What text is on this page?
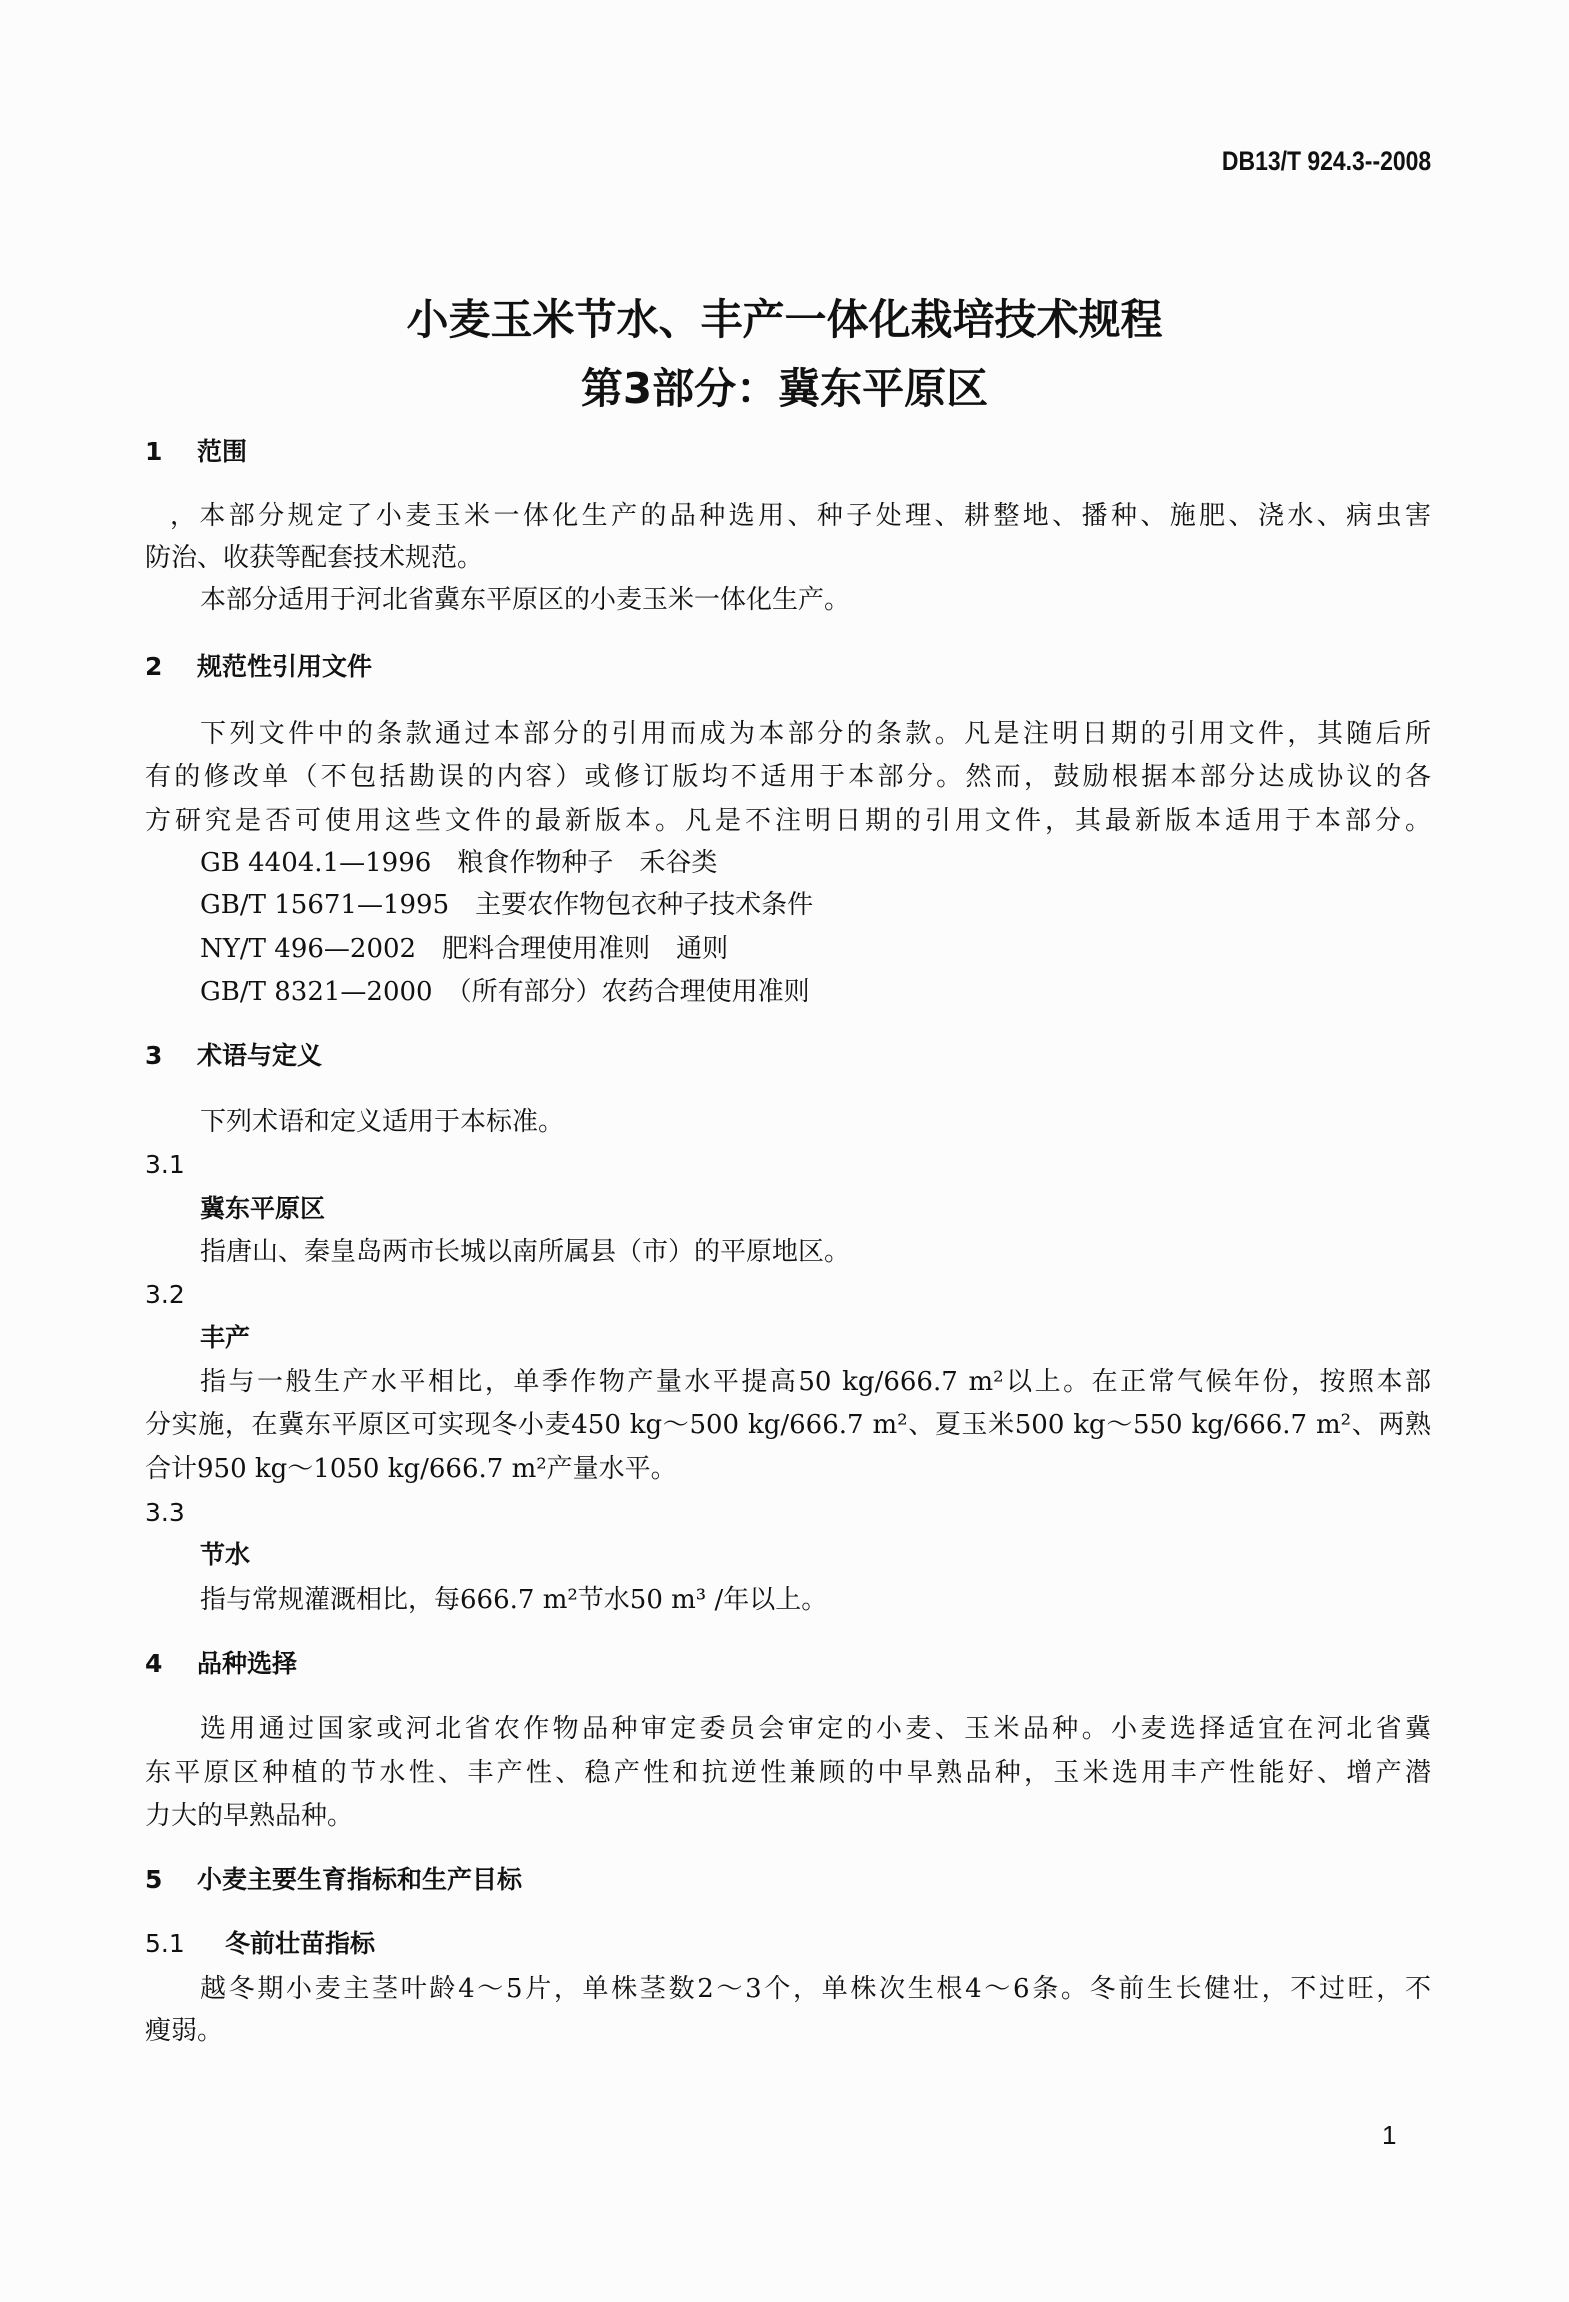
DB13/T 924.3--2008
小麦玉米节水、丰产一体化栽培技术规程
第3部分：冀东平原区
1 范围
，本部分规定了小麦玉米一体化生产的品种选用、种子处理、耕整地、播种、施肥、浇水、病虫害
防治、收获等配套技术规范。
本部分适用于河北省冀东平原区的小麦玉米一体化生产。
2 规范性引用文件
下列文件中的条款通过本部分的引用而成为本部分的条款。凡是注明日期的引用文件，其随后所
有的修改单（不包括勘误的内容）或修订版均不适用于本部分。然而，鼓励根据本部分达成协议的各
方研究是否可使用这些文件的最新版本。凡是不注明日期的引用文件，其最新版本适用于本部分。
GB 4404.1—1996　 粮食作物种子　禾谷类
GB/T 15671—1995　 主要农作物包衣种子技术条件
NY/T 496—2002　 肥料合理使用准则　通则
GB/T 8321—2000　 （所有部分）农药合理使用准则
3 术语与定义
下列术语和定义适用于本标准。
3.1
冀东平原区
指唐山、秦皇岛两市长城以南所属县（市）的平原地区。
3.2
丰产
指与一般生产水平相比，单季作物产量水平提高50 kg/666.7 m²以上。在正常气候年份，按照本部
分实施，在冀东平原区可实现冬小麦450 kg～500 kg/666.7 m²、夏玉米500 kg～550 kg/666.7 m²、两熟
合计950 kg～1050 kg/666.7 m²产量水平。
3.3
节水
指与常规灌溉相比，每666.7 m²节水50 m³ /年以上。
4 品种选择
选用通过国家或河北省农作物品种审定委员会审定的小麦、玉米品种。小麦选择适宜在河北省冀
东平原区种植的节水性、丰产性、稳产性和抗逆性兼顾的中早熟品种，玉米选用丰产性能好、增产潜
力大的早熟品种。
5 小麦主要生育指标和生产目标
5.1 冬前壮苗指标
越冬期小麦主茎叶龄4～5片，单株茎数2～3个，单株次生根4～6条。冬前生长健壮，不过旺，不
瘦弱。
1
